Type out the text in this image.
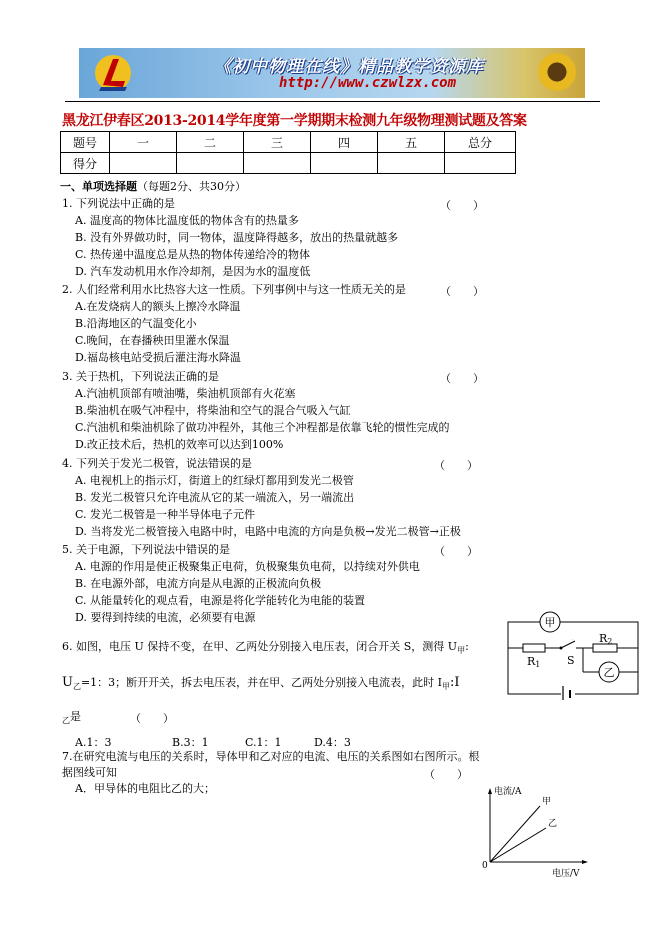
《初中物理在线》精品教学资源库
http://www.czwlzx.com
黑龙江伊春区2013-2014学年度第一学期期末检测九年级物理测试题及答案
题号	一	二	三	四	五	总分
得分						
一、单项选择题（每题2分、共30分）
1. 下列说法中正确的是	（　　）
A. 温度高的物体比温度低的物体含有的热量多
B. 没有外界做功时，同一物体，温度降得越多，放出的热量就越多
C. 热传递中温度总是从热的物体传递给冷的物体
D. 汽车发动机用水作冷却剂，是因为水的温度低
2. 人们经常利用水比热容大这一性质。下列事例中与这一性质无关的是	（　　）
A.在发烧病人的额头上擦冷水降温
B.沿海地区的气温变化小
C.晚间，在春播秧田里灌水保温
D.福岛核电站受损后灌注海水降温
3. 关于热机，下列说法正确的是	（　　）
A.汽油机顶部有喷油嘴，柴油机顶部有火花塞
B.柴油机在吸气冲程中，将柴油和空气的混合气吸入气缸
C.汽油机和柴油机除了做功冲程外，其他三个冲程都是依靠飞轮的惯性完成的
D.改正技术后，热机的效率可以达到100%
4. 下列关于发光二极管，说法错误的是	（　　）
A. 电视机上的指示灯，街道上的红绿灯都用到发光二极管
B. 发光二极管只允许电流从它的某一端流入，另一端流出
C. 发光二极管是一种半导体电子元件
D. 当将发光二极管接入电路中时，电路中电流的方向是负极→发光二极管→正极
5. 关于电源，下列说法中错误的是	（　　）
A. 电源的作用是使正极聚集正电荷，负极聚集负电荷，以持续对外供电
B. 在电源外部，电流方向是从电源的正极流向负极
C. 从能量转化的观点看，电源是将化学能转化为电能的装置
D. 要得到持续的电流，必须要有电源
6. 如图，电压 U 保持不变，在甲、乙两处分别接入电压表，闭合开关 S，测得 $U_甲$:
$U_乙=1$：3；断开开关，拆去电压表，并在甲、乙两处分别接入电流表，此时 $I_甲:I$
$_乙$是	（　　）
A.1：3	B.3：1	C.1：1	D.4：3
甲
R1 S
R2
乙
7.在研究电流与电压的关系时，导体甲和乙对应的电流、电压的关系图如右图所示。根
据图线可知	（　　）
A．甲导体的电阻比乙的大；	电流/A
电压/V
0
甲
乙
